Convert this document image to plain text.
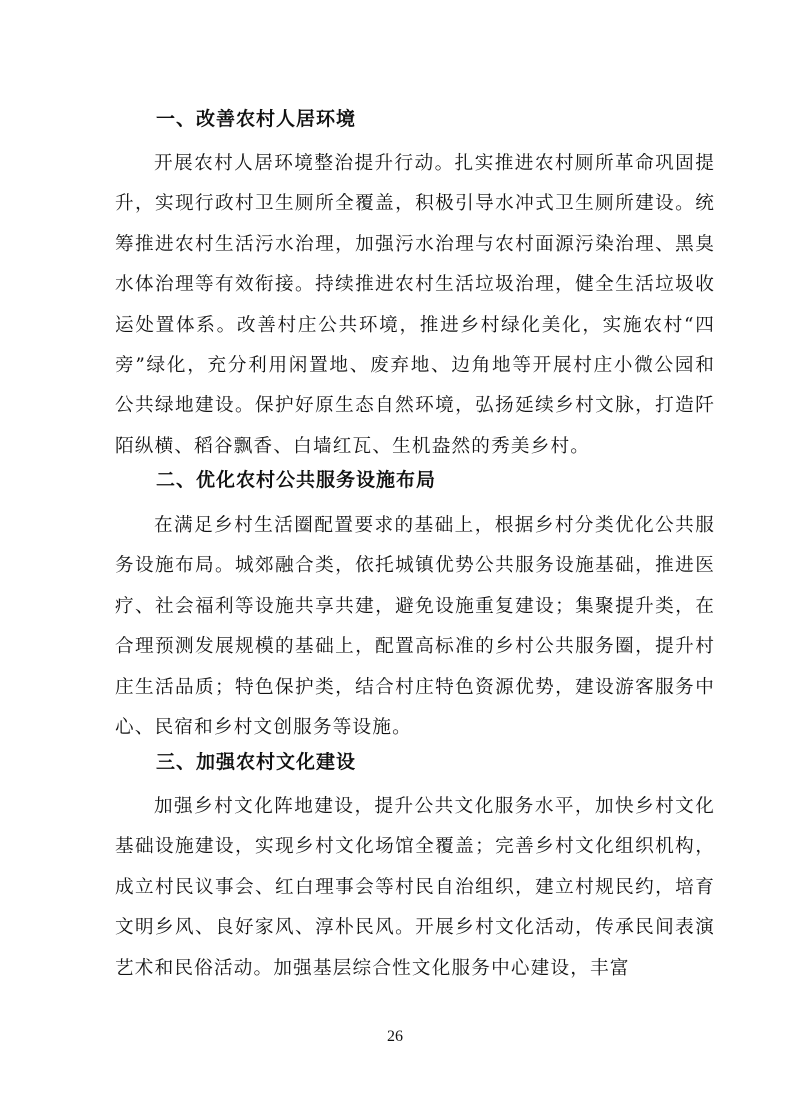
一、改善农村人居环境
开展农村人居环境整治提升行动。扎实推进农村厕所革命巩固提升，实现行政村卫生厕所全覆盖，积极引导水冲式卫生厕所建设。统筹推进农村生活污水治理，加强污水治理与农村面源污染治理、黑臭水体治理等有效衔接。持续推进农村生活垃圾治理，健全生活垃圾收运处置体系。改善村庄公共环境，推进乡村绿化美化，实施农村“四旁”绿化，充分利用闲置地、废弃地、边角地等开展村庄小微公园和公共绿地建设。保护好原生态自然环境，弘扬延续乡村文脉，打造阡陌纵横、稻谷飘香、白墙红瓦、生机盎然的秀美乡村。
二、优化农村公共服务设施布局
在满足乡村生活圈配置要求的基础上，根据乡村分类优化公共服务设施布局。城郊融合类，依托城镇优势公共服务设施基础，推进医疗、社会福利等设施共享共建，避免设施重复建设；集聚提升类，在合理预测发展规模的基础上，配置高标准的乡村公共服务圈，提升村庄生活品质；特色保护类，结合村庄特色资源优势，建设游客服务中心、民宿和乡村文创服务等设施。
三、加强农村文化建设
加强乡村文化阵地建设，提升公共文化服务水平，加快乡村文化基础设施建设，实现乡村文化场馆全覆盖；完善乡村文化组织机构，成立村民议事会、红白理事会等村民自治组织，建立村规民约，培育文明乡风、良好家风、淳朴民风。开展乡村文化活动，传承民间表演艺术和民俗活动。加强基层综合性文化服务中心建设，丰富
26
